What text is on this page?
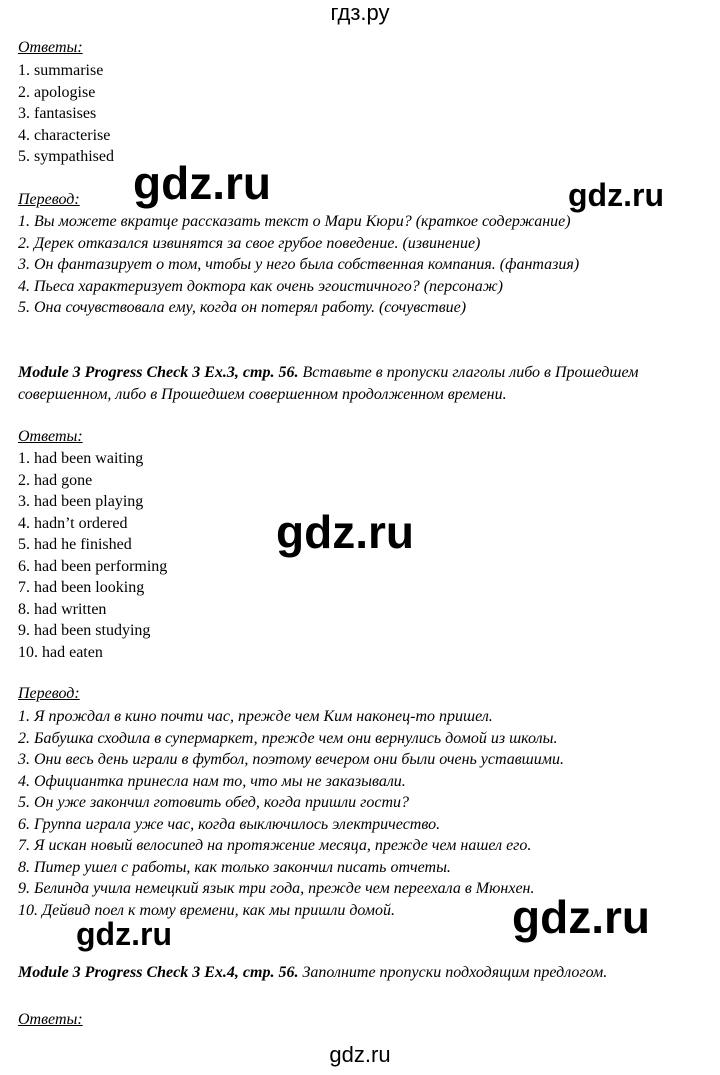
гдз.ру
Ответы:
1. summarise
2. apologise
3. fantasises
4. characterise
5. sympathised
Перевод:
1. Вы можете вкратце рассказать текст о Мари Кюри? (краткое содержание)
2. Дерек отказался извинятся за свое грубое поведение. (извинение)
3. Он фантазирует о том, чтобы у него была собственная компания. (фантазия)
4. Пьеса характеризует доктора как очень эгоистичного? (персонаж)
5. Она сочувствовала ему, когда он потерял работу. (сочувствие)
Module 3 Progress Check 3 Ex.3, стр. 56. Вставьте в пропуски глаголы либо в Прошедшем совершенном, либо в Прошедшем совершенном продолженном времени.
Ответы:
1. had been waiting
2. had gone
3. had been playing
4. hadn’t ordered
5. had he finished
6. had been performing
7. had been looking
8. had written
9. had been studying
10. had eaten
Перевод:
1. Я прождал в кино почти час, прежде чем Ким наконец-то пришел.
2. Бабушка сходила в супермаркет, прежде чем они вернулись домой из школы.
3. Они весь день играли в футбол, поэтому вечером они были очень уставшими.
4. Официантка принесла нам то, что мы не заказывали.
5. Он уже закончил готовить обед, когда пришли гости?
6. Группа играла уже час, когда выключилось электричество.
7. Я искан новый велосипед на протяжение месяца, прежде чем нашел его.
8. Питер ушел с работы, как только закончил писать отчеты.
9. Белинда учила немецкий язык три года, прежде чем переехала в Мюнхен.
10. Дейвид поел к тому времени, как мы пришли домой.
Module 3 Progress Check 3 Ex.4, стр. 56. Заполните пропуски подходящим предлогом.
Ответы:
gdz.ru	gdz.ru
gdz.ru
gdz.ru
gdz.ru
gdz.ru
